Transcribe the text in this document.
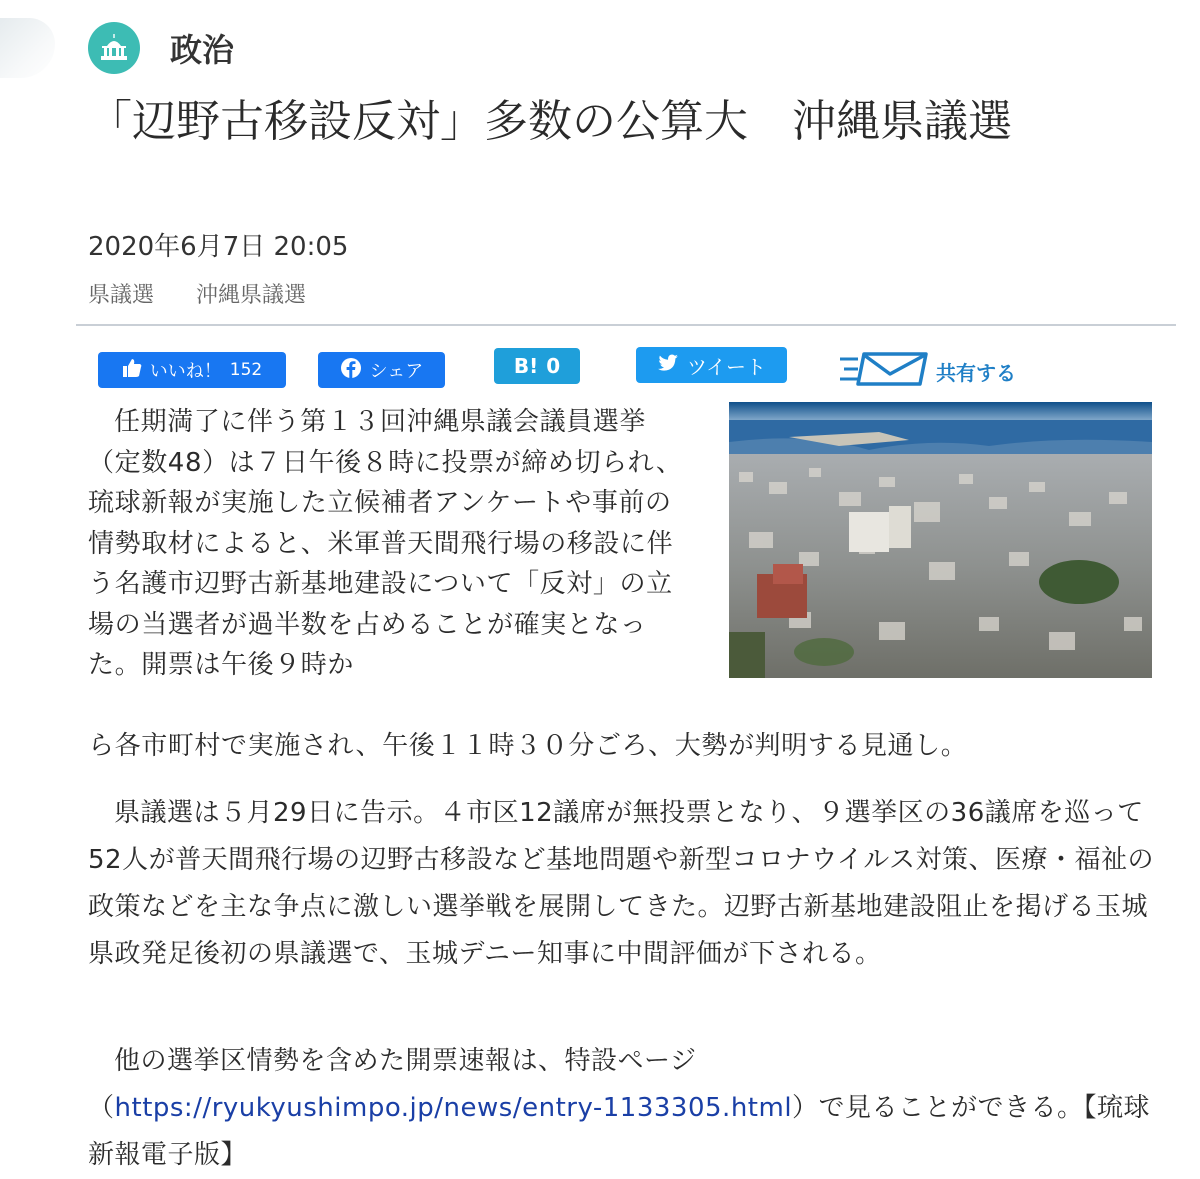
政治
「辺野古移設反対」多数の公算大　沖縄県議選
2020年6月7日 20:05
県議選 沖縄県議選
いいね！ 152	シェア	B! 0	ツイート	共有する

任期満了に伴う第１３回沖縄県議会議員選挙（定数48）は７日午後８時に投票が締め切られ、琉球新報が実施した立候補者アンケートや事前の情勢取材によると、米軍普天間飛行場の移設に伴う名護市辺野古新基地建設について「反対」の立場の当選者が過半数を占めることが確実となった。開票は午後９時か

ら各市町村で実施され、午後１１時３０分ごろ、大勢が判明する見通し。

県議選は５月29日に告示。４市区12議席が無投票となり、９選挙区の36議席を巡って52人が普天間飛行場の辺野古移設など基地問題や新型コロナウイルス対策、医療・福祉の政策などを主な争点に激しい選挙戦を展開してきた。辺野古新基地建設阻止を掲げる玉城県政発足後初の県議選で、玉城デニー知事に中間評価が下される。

他の選挙区情勢を含めた開票速報は、特設ページ（https://ryukyushimpo.jp/news/entry-1133305.html）で見ることができる。【琉球新報電子版】
